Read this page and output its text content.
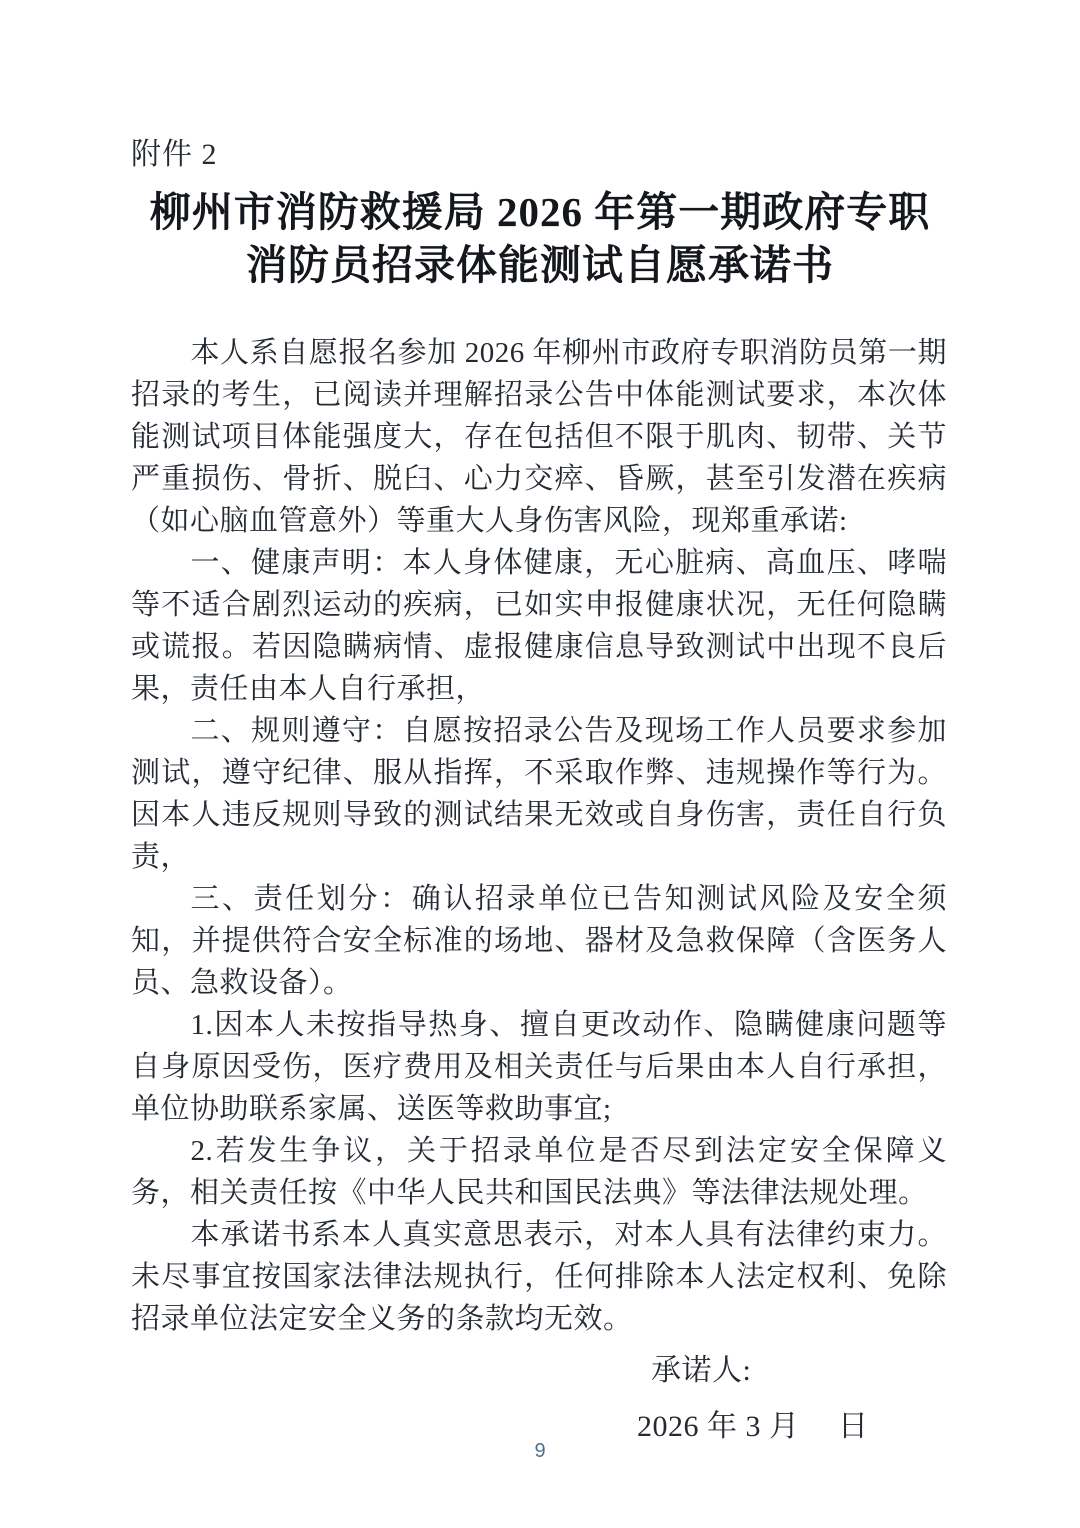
附件 2
柳州市消防救援局 2026 年第一期政府专职
消防员招录体能测试自愿承诺书

本人系自愿报名参加 2026 年柳州市政府专职消防员第一期招录的考生，已阅读并理解招录公告中体能测试要求，本次体能测试项目体能强度大，存在包括但不限于肌肉、韧带、关节严重损伤、骨折、脱臼、心力交瘁、昏厥，甚至引发潜在疾病（如心脑血管意外）等重大人身伤害风险，现郑重承诺:

一、健康声明：本人身体健康，无心脏病、高血压、哮喘等不适合剧烈运动的疾病，已如实申报健康状况，无任何隐瞒或谎报。若因隐瞒病情、虚报健康信息导致测试中出现不良后果，责任由本人自行承担，

二、规则遵守：自愿按招录公告及现场工作人员要求参加测试，遵守纪律、服从指挥，不采取作弊、违规操作等行为。因本人违反规则导致的测试结果无效或自身伤害，责任自行负责，

三、责任划分：确认招录单位已告知测试风险及安全须知，并提供符合安全标准的场地、器材及急救保障（含医务人员、急救设备）。

1.因本人未按指导热身、擅自更改动作、隐瞒健康问题等自身原因受伤，医疗费用及相关责任与后果由本人自行承担，单位协助联系家属、送医等救助事宜;

2.若发生争议，关于招录单位是否尽到法定安全保障义务，相关责任按《中华人民共和国民法典》等法律法规处理。

本承诺书系本人真实意思表示，对本人具有法律约束力。未尽事宜按国家法律法规执行，任何排除本人法定权利、免除招录单位法定安全义务的条款均无效。

承诺人:

2026 年 3 月　 日

9
